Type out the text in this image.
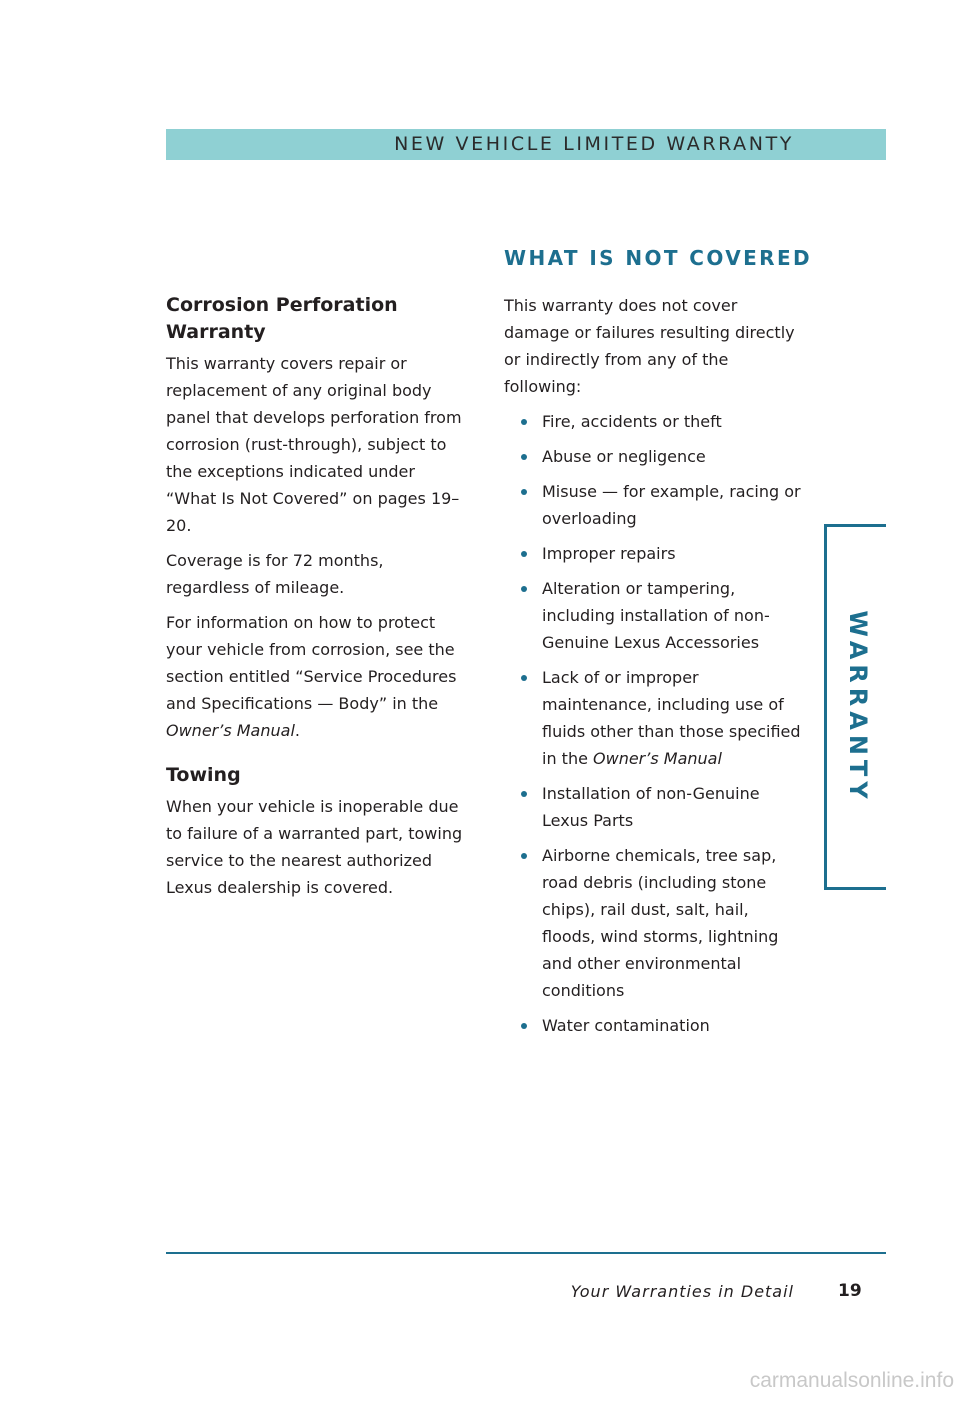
NEW VEHICLE LIMITED WARRANTY
WARRANTY
Corrosion Perforation Warranty

This warranty covers repair or replacement of any original body panel that develops perforation from corrosion (rust-through), subject to the exceptions indicated under “What Is Not Covered” on pages 19–20.

Coverage is for 72 months, regardless of mileage.

For information on how to protect your vehicle from corrosion, see the section entitled “Service Procedures and Specifications — Body” in the Owner’s Manual.

Towing

When your vehicle is inoperable due to failure of a warranted part, towing service to the nearest authorized Lexus dealership is covered.

WHAT IS NOT COVERED

This warranty does not cover damage or failures resulting directly or indirectly from any of the following:

Fire, accidents or theft
Abuse or negligence
Misuse — for example, racing or overloading
Improper repairs
Alteration or tampering, including installation of non-Genuine Lexus Accessories
Lack of or improper maintenance, including use of fluids other than those specified in the Owner’s Manual
Installation of non-Genuine Lexus Parts
Airborne chemicals, tree sap, road debris (including stone chips), rail dust, salt, hail, floods, wind storms, lightning and other environmental conditions
Water contamination
Your Warranties in Detail	19
carmanualsonline.info
